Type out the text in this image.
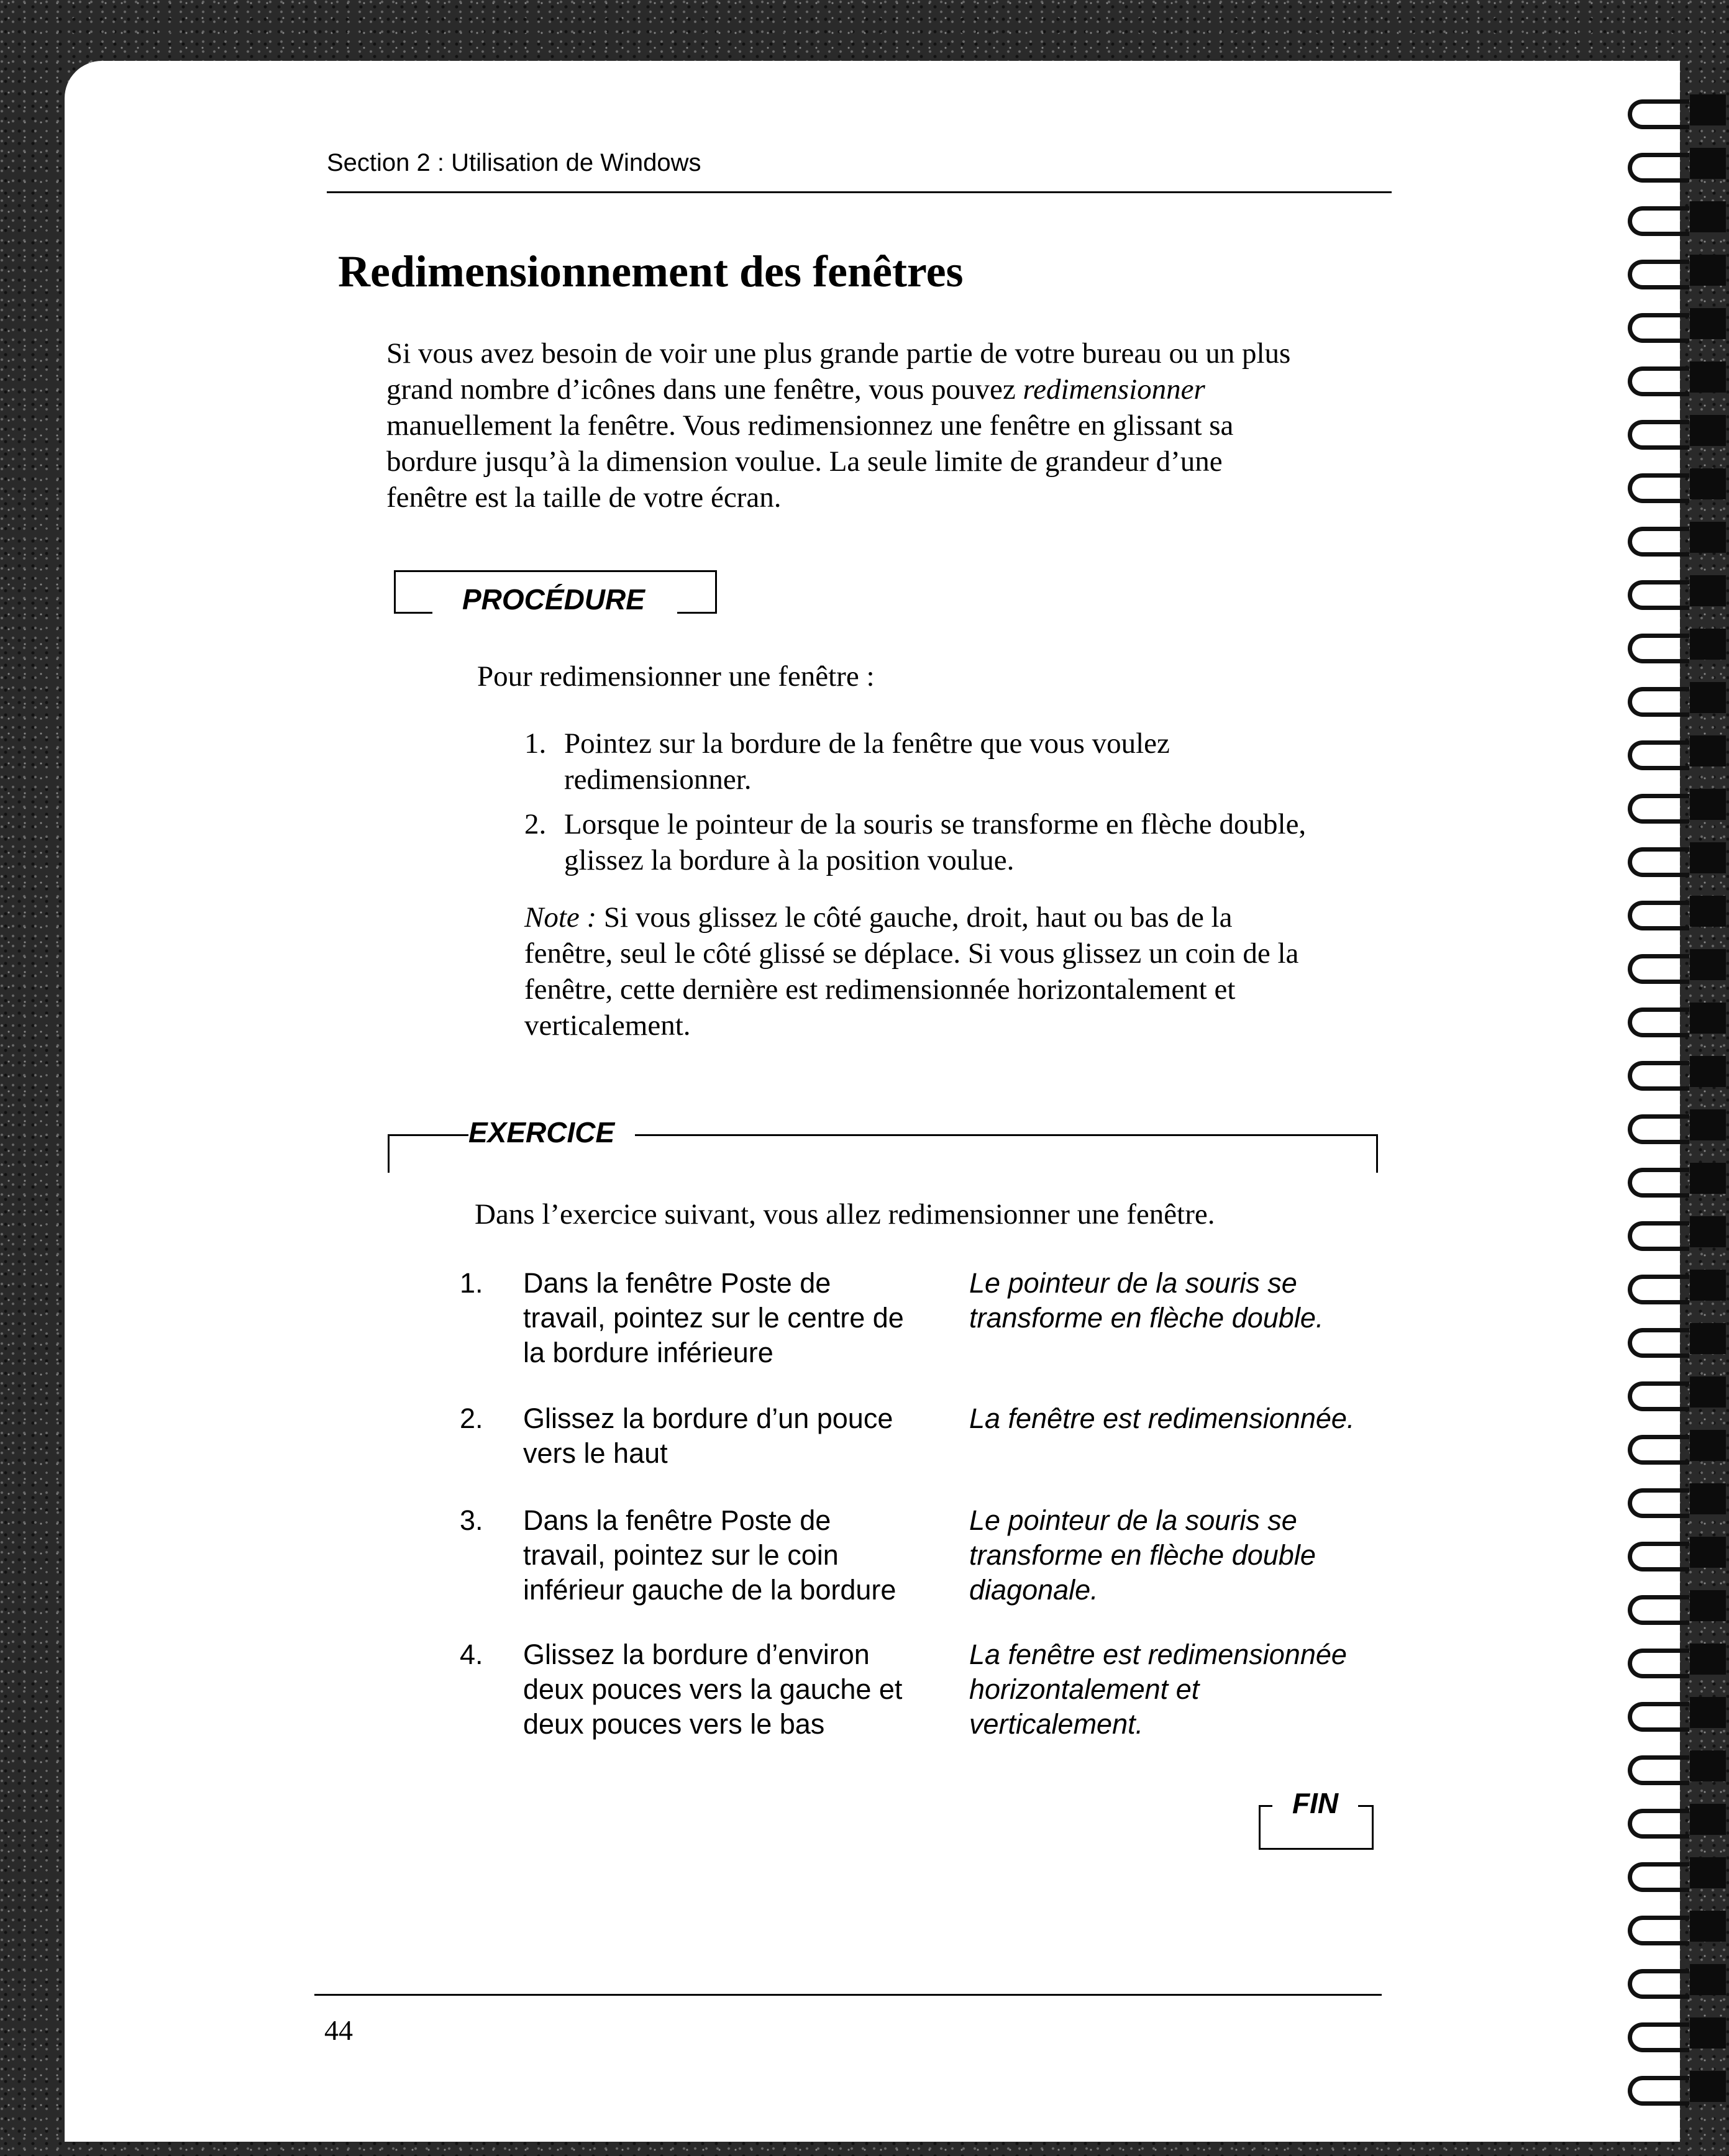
Section 2 : Utilisation de Windows
Redimensionnement des fenêtres
Si vous avez besoin de voir une plus grande partie de votre bureau ou un plus
grand nombre d’icônes dans une fenêtre, vous pouvez redimensionner
manuellement la fenêtre. Vous redimensionnez une fenêtre en glissant sa
bordure jusqu’à la dimension voulue. La seule limite de grandeur d’une
fenêtre est la taille de votre écran.
PROCÉDURE
Pour redimensionner une fenêtre :
1. Pointez sur la bordure de la fenêtre que vous voulez
redimensionner.
2. Lorsque le pointeur de la souris se transforme en flèche double,
glissez la bordure à la position voulue.
Note : Si vous glissez le côté gauche, droit, haut ou bas de la
fenêtre, seul le côté glissé se déplace. Si vous glissez un coin de la
fenêtre, cette dernière est redimensionnée horizontalement et
verticalement.
EXERCICE
Dans l’exercice suivant, vous allez redimensionner une fenêtre.
1. Dans la fenêtre Poste de
travail, pointez sur le centre de
la bordure inférieure
Le pointeur de la souris se
transforme en flèche double.
2. Glissez la bordure d’un pouce
vers le haut
La fenêtre est redimensionnée.
3. Dans la fenêtre Poste de
travail, pointez sur le coin
inférieur gauche de la bordure
Le pointeur de la souris se
transforme en flèche double
diagonale.
4. Glissez la bordure d’environ
deux pouces vers la gauche et
deux pouces vers le bas
La fenêtre est redimensionnée
horizontalement et
verticalement.
FIN
44
